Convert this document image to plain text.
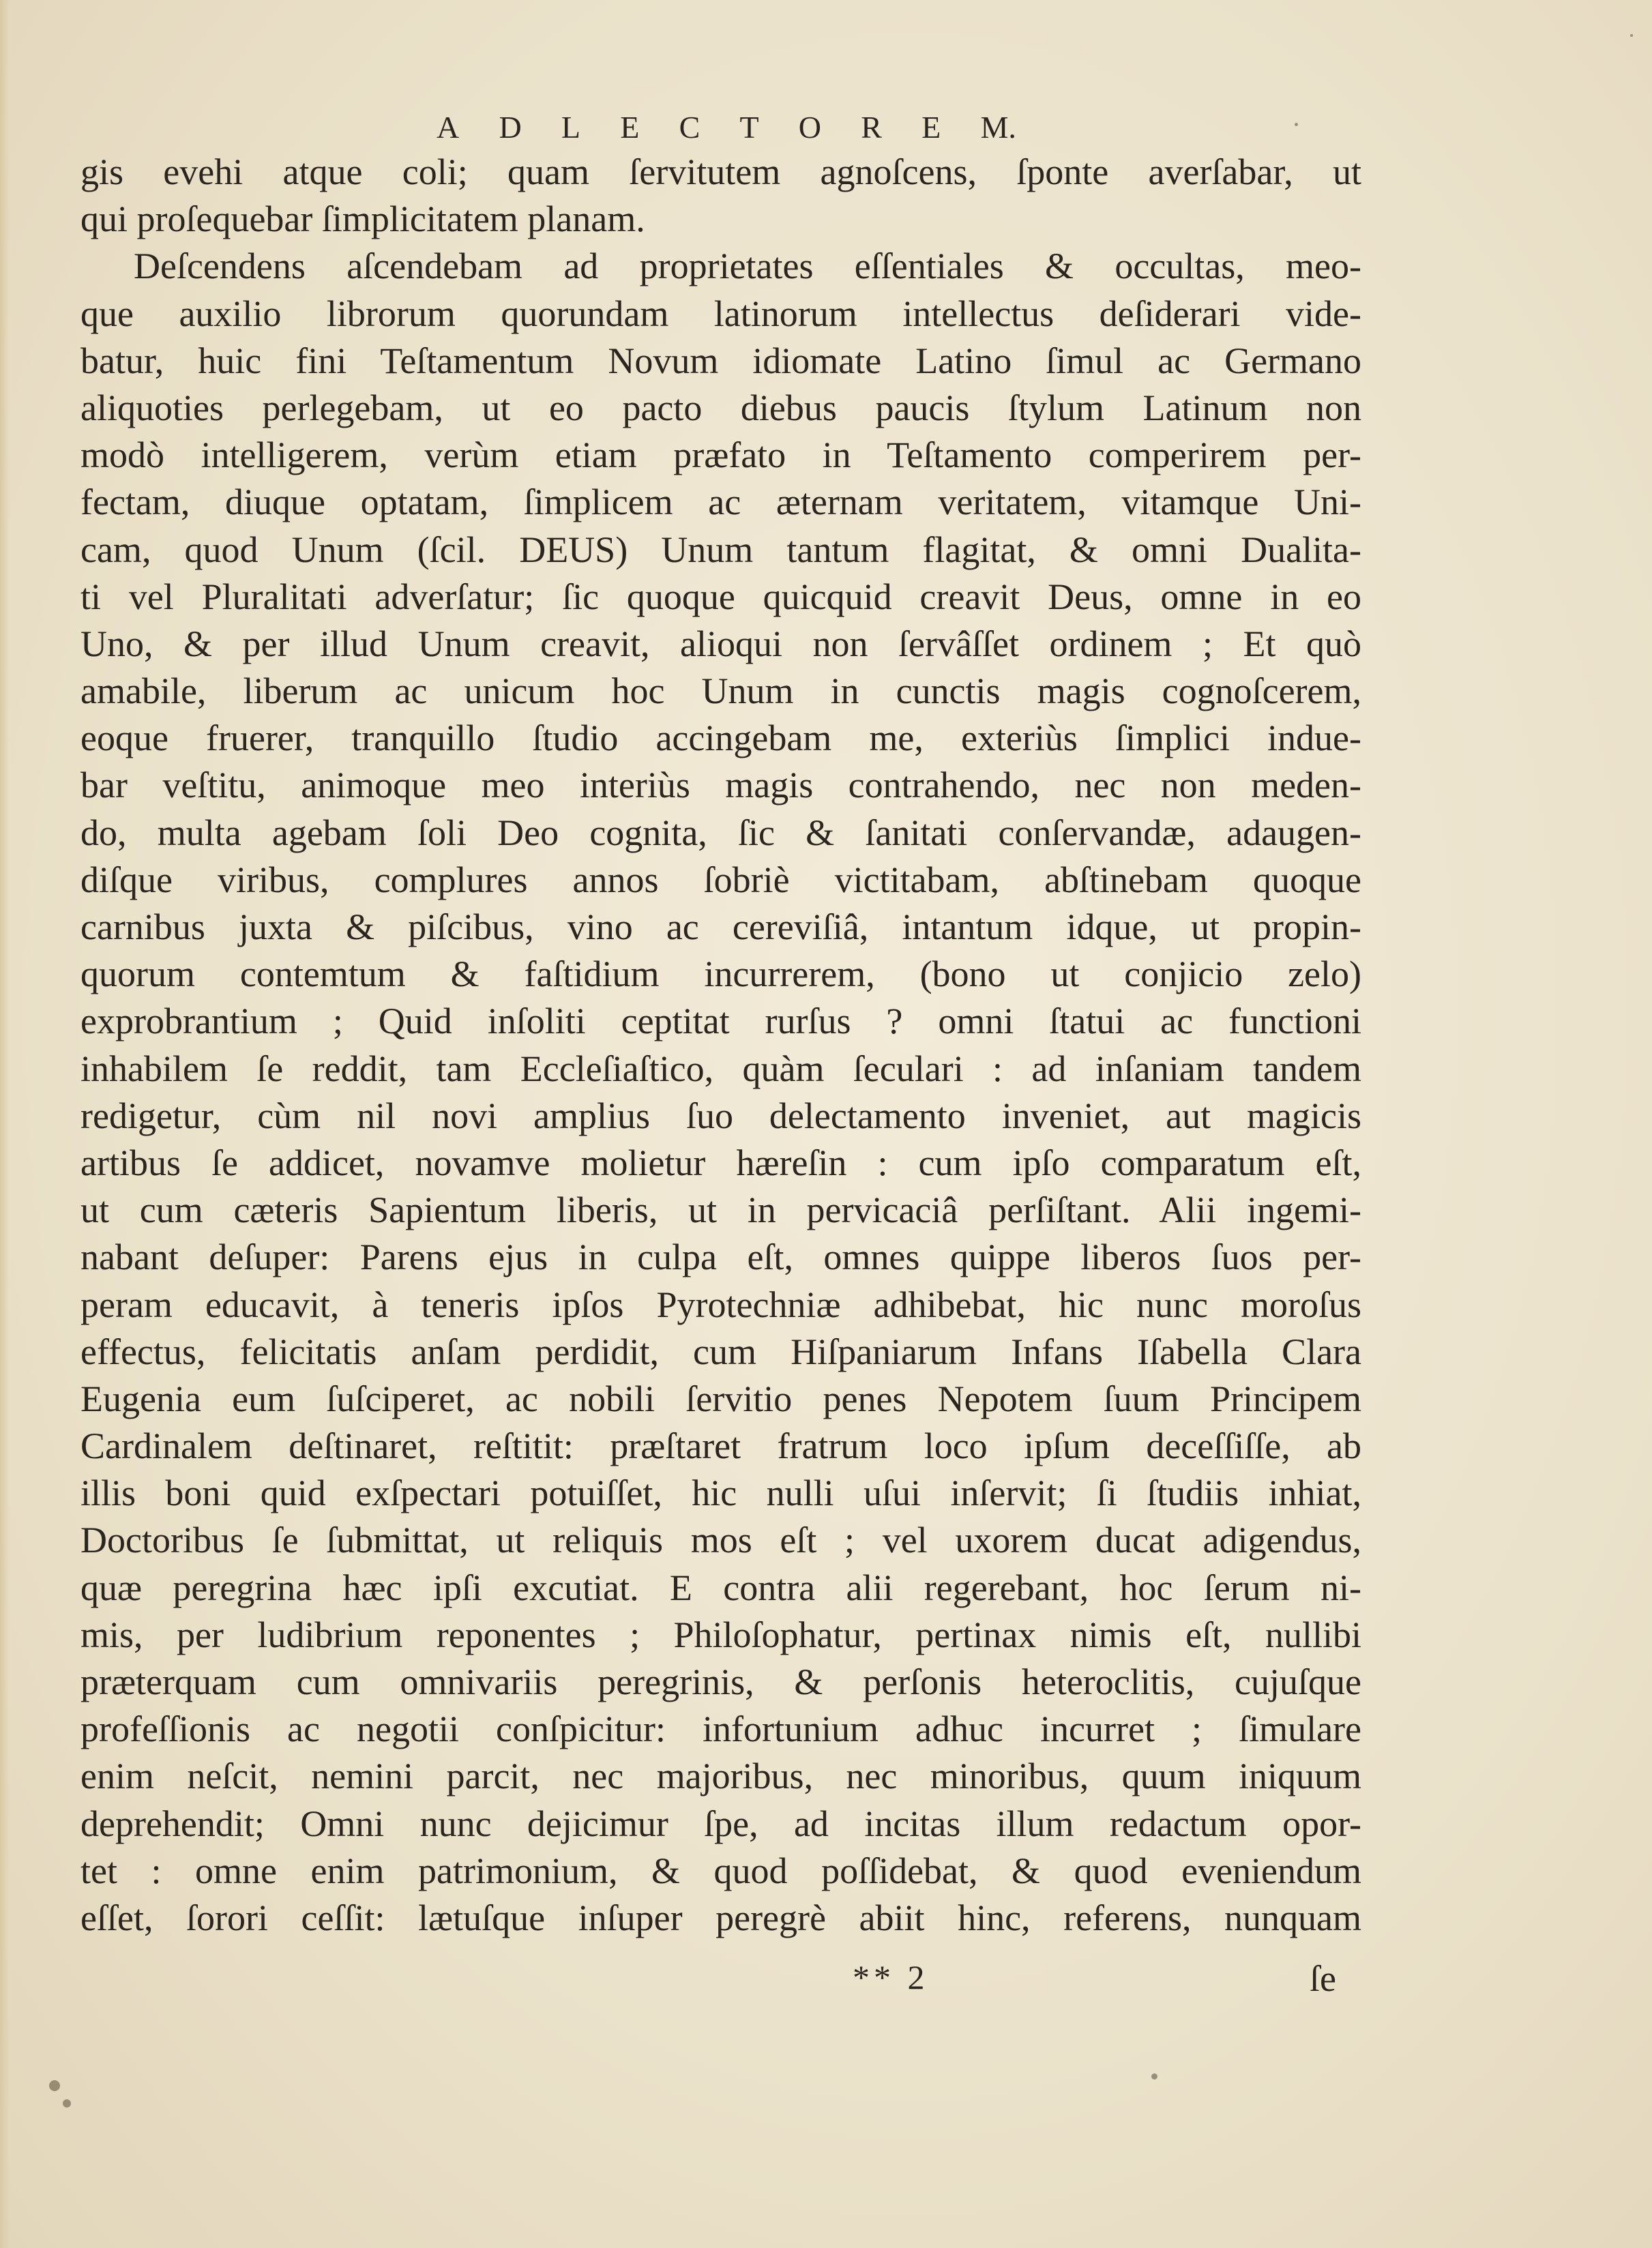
A D L E C T O R E M.
gis evehi atque coli; quam ſervitutem agnoſcens, ſponte averſabar, ut
qui proſequebar ſimplicitatem planam.
Deſcendens aſcendebam ad proprietates eſſentiales & occultas, meo-
que auxilio librorum quorundam latinorum intellectus deſiderari vide-
batur, huic fini Teſtamentum Novum idiomate Latino ſimul ac Germano
aliquoties perlegebam, ut eo pacto diebus paucis ſtylum Latinum non
modò intelligerem, verùm etiam præfato in Teſtamento comperirem per-
fectam, diuque optatam, ſimplicem ac æternam veritatem, vitamque Uni-
cam, quod Unum (ſcil. DEUS) Unum tantum flagitat, & omni Dualita-
ti vel Pluralitati adverſatur; ſic quoque quicquid creavit Deus, omne in eo
Uno, & per illud Unum creavit, alioqui non ſervâſſet ordinem ; Et quò
amabile, liberum ac unicum hoc Unum in cunctis magis cognoſcerem,
eoque fruerer, tranquillo ſtudio accingebam me, exteriùs ſimplici indue-
bar veſtitu, animoque meo interiùs magis contrahendo, nec non meden-
do, multa agebam ſoli Deo cognita, ſic & ſanitati conſervandæ, adaugen-
diſque viribus, complures annos ſobriè victitabam, abſtinebam quoque
carnibus juxta & piſcibus, vino ac cereviſiâ, intantum idque, ut propin-
quorum contemtum & faſtidium incurrerem, (bono ut conjicio zelo)
exprobrantium ; Quid inſoliti ceptitat rurſus ? omni ſtatui ac functioni
inhabilem ſe reddit, tam Eccleſiaſtico, quàm ſeculari : ad inſaniam tandem
redigetur, cùm nil novi amplius ſuo delectamento inveniet, aut magicis
artibus ſe addicet, novamve molietur hæreſin : cum ipſo comparatum eſt,
ut cum cæteris Sapientum liberis, ut in pervicaciâ perſiſtant. Alii ingemi-
nabant deſuper: Parens ejus in culpa eſt, omnes quippe liberos ſuos per-
peram educavit, à teneris ipſos Pyrotechniæ adhibebat, hic nunc moroſus
effectus, felicitatis anſam perdidit, cum Hiſpaniarum Infans Iſabella Clara
Eugenia eum ſuſciperet, ac nobili ſervitio penes Nepotem ſuum Principem
Cardinalem deſtinaret, reſtitit: præſtaret fratrum loco ipſum deceſſiſſe, ab
illis boni quid exſpectari potuiſſet, hic nulli uſui inſervit; ſi ſtudiis inhiat,
Doctoribus ſe ſubmittat, ut reliquis mos eſt ; vel uxorem ducat adigendus,
quæ peregrina hæc ipſi excutiat. E contra alii regerebant, hoc ſerum ni-
mis, per ludibrium reponentes ; Philoſophatur, pertinax nimis eſt, nullibi
præterquam cum omnivariis peregrinis, & perſonis heteroclitis, cujuſque
profeſſionis ac negotii conſpicitur: infortunium adhuc incurret ; ſimulare
enim neſcit, nemini parcit, nec majoribus, nec minoribus, quum iniquum
deprehendit; Omni nunc dejicimur ſpe, ad incitas illum redactum opor-
tet : omne enim patrimonium, & quod poſſidebat, & quod eveniendum
eſſet, ſorori ceſſit: lætuſque inſuper peregrè abiit hinc, referens, nunquam
** 2	ſe
